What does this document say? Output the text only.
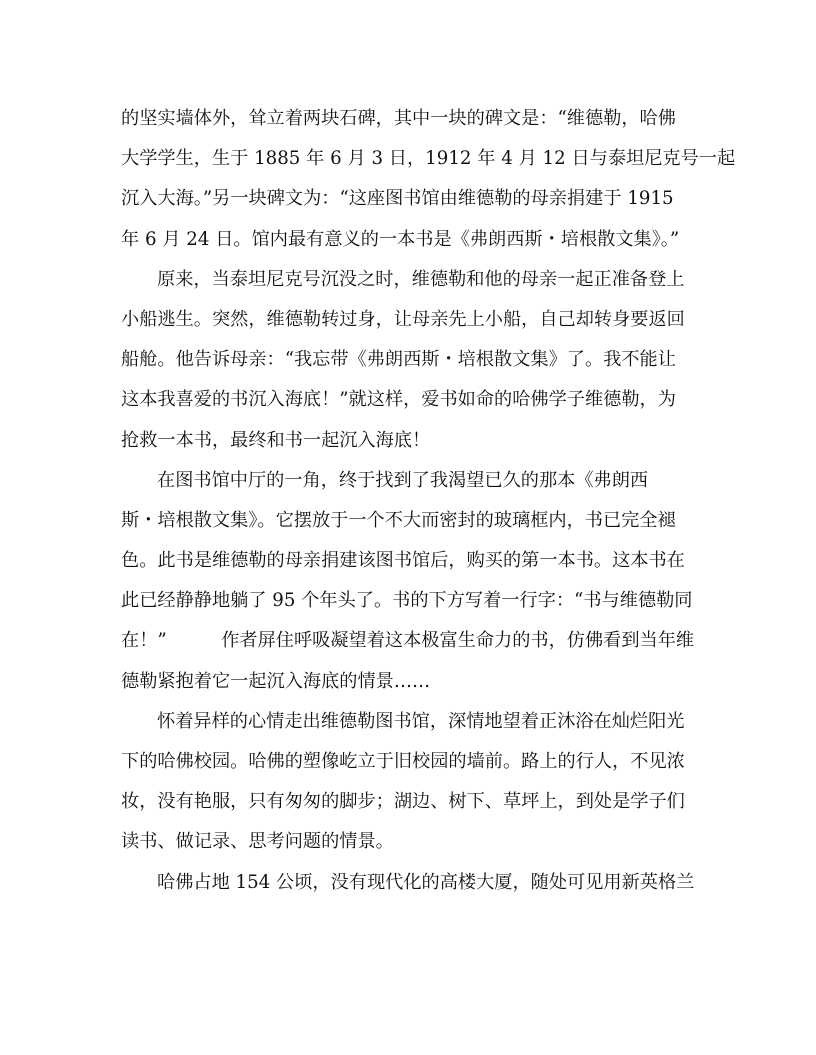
的坚实墙体外，耸立着两块石碑，其中一块的碑文是：“维德勒，哈佛
大学学生，生于 1885 年 6 月 3 日，1912 年 4 月 12 日与泰坦尼克号一起
沉入大海。”另一块碑文为：“这座图书馆由维德勒的母亲捐建于 1915
年 6 月 24 日。馆内最有意义的一本书是《弗朗西斯・培根散文集》。”
原来，当泰坦尼克号沉没之时，维德勒和他的母亲一起正准备登上
小船逃生。突然，维德勒转过身，让母亲先上小船，自己却转身要返回
船舱。他告诉母亲：“我忘带《弗朗西斯・培根散文集》了。我不能让
这本我喜爱的书沉入海底！”就这样，爱书如命的哈佛学子维德勒，为
抢救一本书，最终和书一起沉入海底！
在图书馆中厅的一角，终于找到了我渴望已久的那本《弗朗西
斯・培根散文集》。它摆放于一个不大而密封的玻璃框内，书已完全褪
色。此书是维德勒的母亲捐建该图书馆后，购买的第一本书。这本书在
此已经静静地躺了 95 个年头了。书的下方写着一行字：“书与维德勒同
在！”　　　作者屏住呼吸凝望着这本极富生命力的书，仿佛看到当年维
德勒紧抱着它一起沉入海底的情景……
怀着异样的心情走出维德勒图书馆，深情地望着正沐浴在灿烂阳光
下的哈佛校园。哈佛的塑像屹立于旧校园的墙前。路上的行人，不见浓
妆，没有艳服，只有匆匆的脚步；湖边、树下、草坪上，到处是学子们
读书、做记录、思考问题的情景。
哈佛占地 154 公顷，没有现代化的高楼大厦，随处可见用新英格兰
